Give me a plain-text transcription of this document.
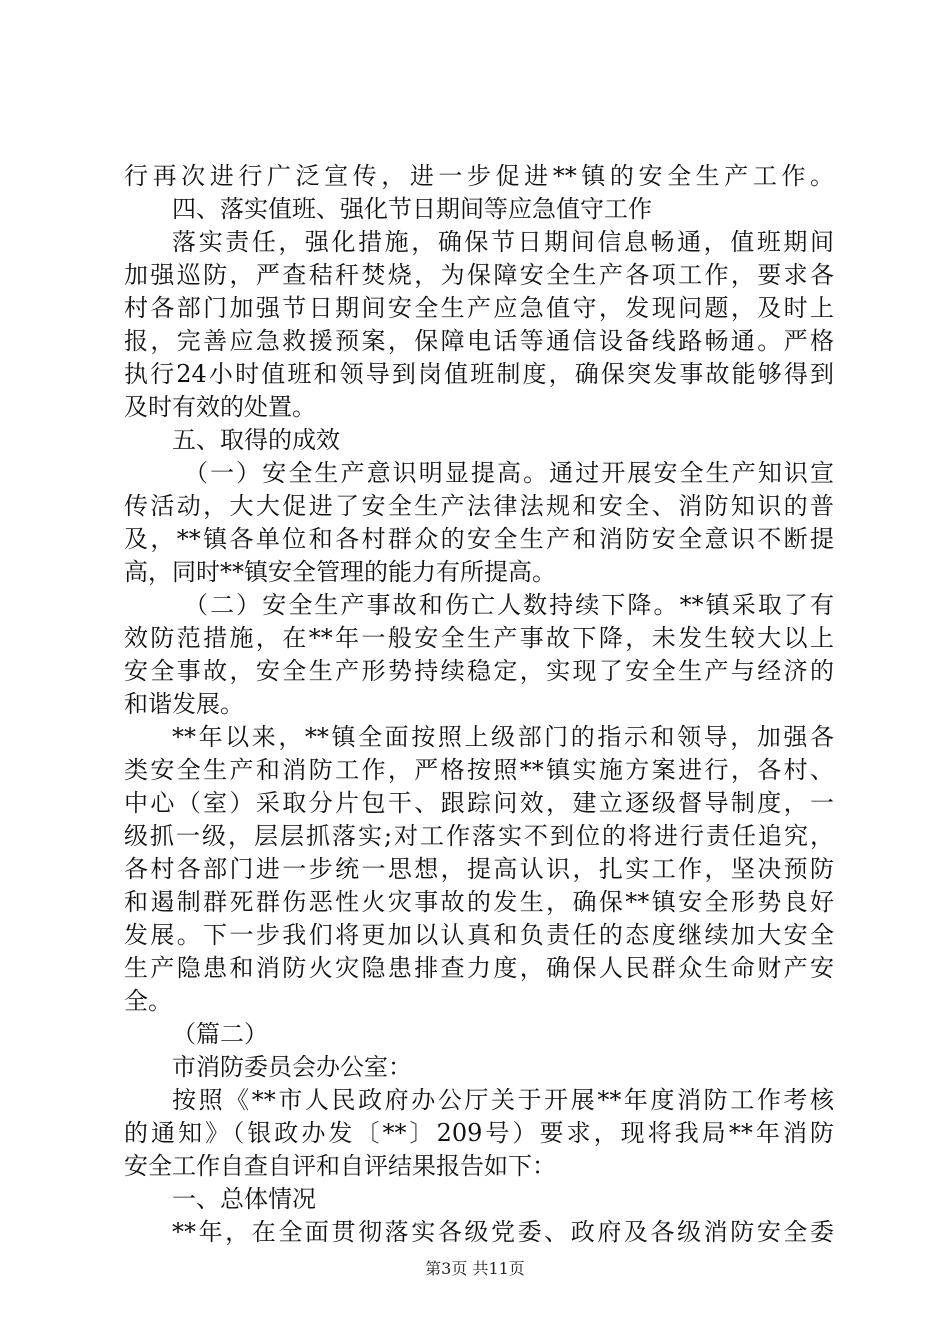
行再次进行广泛宣传，进一步促进**镇的安全生产工作。
四、落实值班、强化节日期间等应急值守工作
落实责任，强化措施，确保节日期间信息畅通，值班期间
加强巡防，严查秸秆焚烧，为保障安全生产各项工作，要求各
村各部门加强节日期间安全生产应急值守，发现问题，及时上
报，完善应急救援预案，保障电话等通信设备线路畅通。严格
执行24小时值班和领导到岗值班制度，确保突发事故能够得到
及时有效的处置。
五、取得的成效
（一）安全生产意识明显提高。通过开展安全生产知识宣
传活动，大大促进了安全生产法律法规和安全、消防知识的普
及，**镇各单位和各村群众的安全生产和消防安全意识不断提
高，同时**镇安全管理的能力有所提高。
（二）安全生产事故和伤亡人数持续下降。**镇采取了有
效防范措施，在**年一般安全生产事故下降，未发生较大以上
安全事故，安全生产形势持续稳定，实现了安全生产与经济的
和谐发展。
**年以来，**镇全面按照上级部门的指示和领导，加强各
类安全生产和消防工作，严格按照**镇实施方案进行，各村、
中心（室）采取分片包干、跟踪问效，建立逐级督导制度，一
级抓一级，层层抓落实;对工作落实不到位的将进行责任追究，
各村各部门进一步统一思想，提高认识，扎实工作，坚决预防
和遏制群死群伤恶性火灾事故的发生，确保**镇安全形势良好
发展。下一步我们将更加以认真和负责任的态度继续加大安全
生产隐患和消防火灾隐患排查力度，确保人民群众生命财产安
全。
（篇二）
市消防委员会办公室：
按照《**市人民政府办公厅关于开展**年度消防工作考核
的通知》（银政办发〔**〕209号）要求，现将我局**年消防
安全工作自查自评和自评结果报告如下：
一、总体情况
**年，在全面贯彻落实各级党委、政府及各级消防安全委
第3页 共11页
